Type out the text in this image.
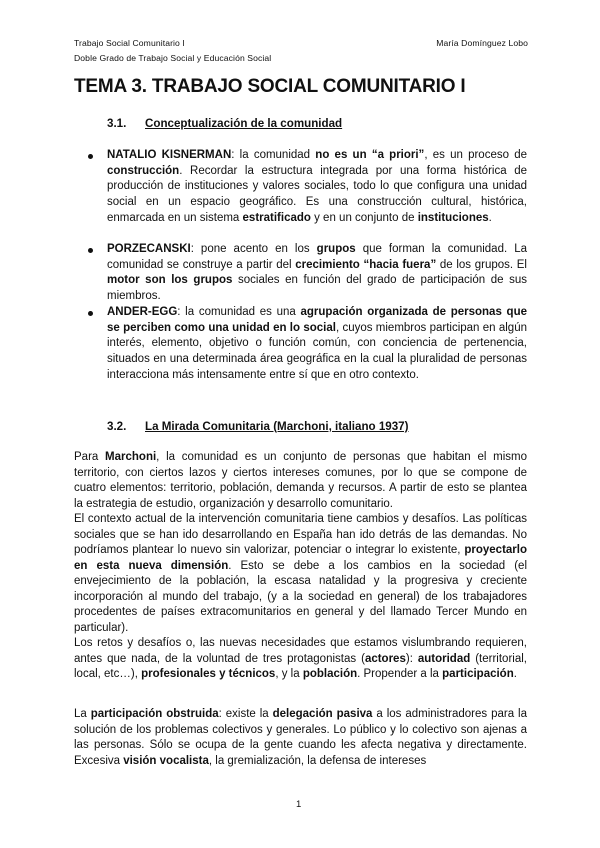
Trabajo Social Comunitario I
Doble Grado de Trabajo Social y Educación Social
María Domínguez Lobo
TEMA 3. TRABAJO SOCIAL COMUNITARIO I
3.1. Conceptualización de la comunidad
NATALIO KISNERMAN: la comunidad no es un “a priori”, es un proceso de construcción. Recordar la estructura integrada por una forma histórica de producción de instituciones y valores sociales, todo lo que configura una unidad social en un espacio geográfico. Es una construcción cultural, histórica, enmarcada en un sistema estratificado y en un conjunto de instituciones.
PORZECANSKI: pone acento en los grupos que forman la comunidad. La comunidad se construye a partir del crecimiento “hacia fuera” de los grupos. El motor son los grupos sociales en función del grado de participación de sus miembros.
ANDER-EGG: la comunidad es una agrupación organizada de personas que se perciben como una unidad en lo social, cuyos miembros participan en algún interés, elemento, objetivo o función común, con conciencia de pertenencia, situados en una determinada área geográfica en la cual la pluralidad de personas interacciona más intensamente entre sí que en otro contexto.
3.2. La Mirada Comunitaria (Marchoni, italiano 1937)
Para Marchoni, la comunidad es un conjunto de personas que habitan el mismo territorio, con ciertos lazos y ciertos intereses comunes, por lo que se compone de cuatro elementos: territorio, población, demanda y recursos. A partir de esto se plantea la estrategia de estudio, organización y desarrollo comunitario.
El contexto actual de la intervención comunitaria tiene cambios y desafíos. Las políticas sociales que se han ido desarrollando en España han ido detrás de las demandas. No podríamos plantear lo nuevo sin valorizar, potenciar o integrar lo existente, proyectarlo en esta nueva dimensión. Esto se debe a los cambios en la sociedad (el envejecimiento de la población, la escasa natalidad y la progresiva y creciente incorporación al mundo del trabajo, (y a la sociedad en general) de los trabajadores procedentes de países extracomunitarios en general y del llamado Tercer Mundo en particular).
Los retos y desafíos o, las nuevas necesidades que estamos vislumbrando requieren, antes que nada, de la voluntad de tres protagonistas (actores): autoridad (territorial, local, etc…), profesionales y técnicos, y la población. Propender a la participación.
La participación obstruida: existe la delegación pasiva a los administradores para la solución de los problemas colectivos y generales. Lo público y lo colectivo son ajenas a las personas. Sólo se ocupa de la gente cuando les afecta negativa y directamente. Excesiva visión vocalista, la gremialización, la defensa de intereses
1
